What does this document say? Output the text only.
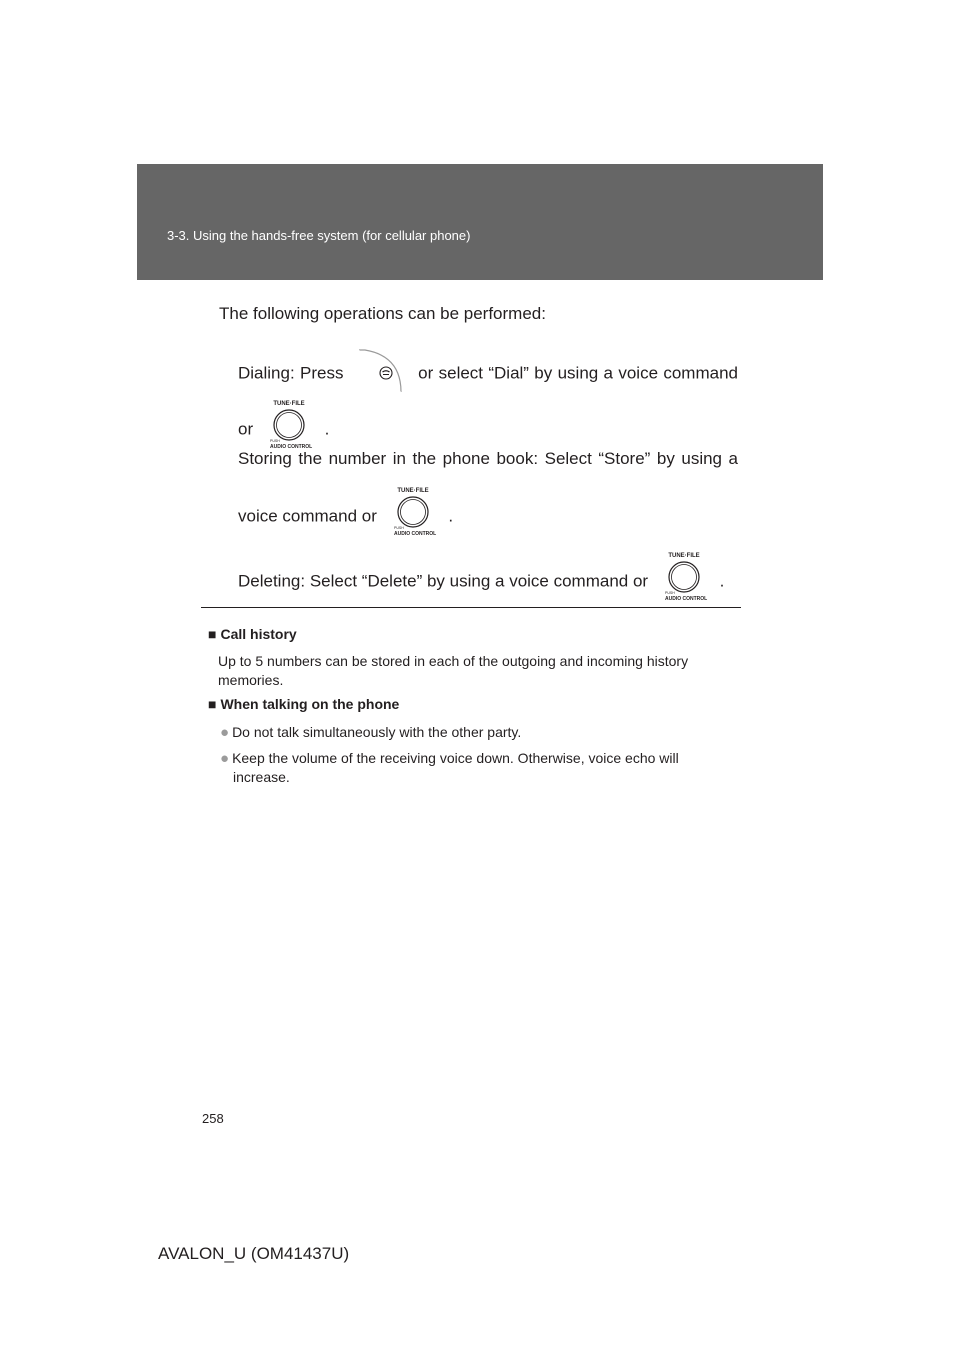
3-3. Using the hands-free system (for cellular phone)
The following operations can be performed:
Dialing: Press	or select “Dial” by using a voice command
or
TUNE·FILE
PUSH
AUDIO CONTROL
.
Storing the number in the phone book: Select “Store” by using a
voice command or
TUNE·FILE
PUSH
AUDIO CONTROL
.
Deleting: Select “Delete” by using a voice command or
TUNE·FILE
PUSH
AUDIO CONTROL
.
■ Call history
Up to 5 numbers can be stored in each of the outgoing and incoming history
memories.
■ When talking on the phone
● Do not talk simultaneously with the other party.
● Keep the volume of the receiving voice down. Otherwise, voice echo will
increase.
258
AVALON_U (OM41437U)
